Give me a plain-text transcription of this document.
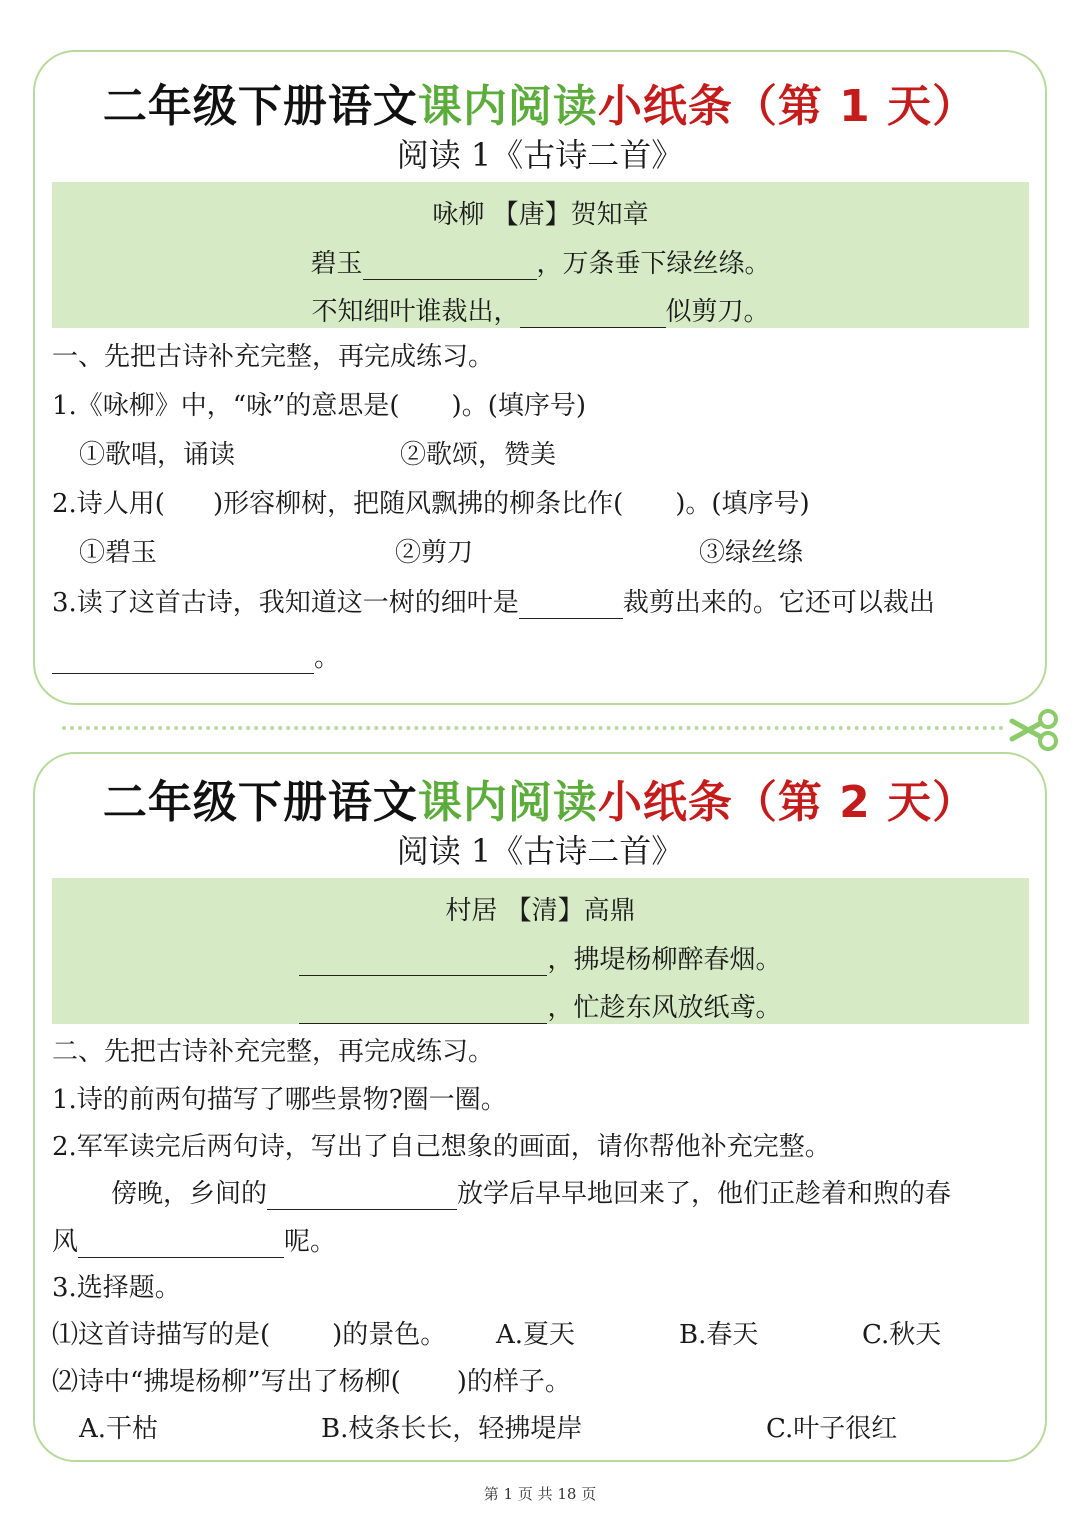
二年级下册语文课内阅读小纸条（第 1 天）
阅读 1《古诗二首》
咏柳 【唐】贺知章
碧玉	，万条垂下绿丝绦。
不知细叶谁裁出，	似剪刀。
一、先把古诗补充完整，再完成练习。
1.《咏柳》中，“咏”的意思是( )。(填序号)
①歌唱，诵读	②歌颂，赞美
2.诗人用( )形容柳树，把随风飘拂的柳条比作( )。(填序号)
①碧玉	②剪刀	③绿丝绦
3.读了这首古诗，我知道这一树的细叶是	裁剪出来的。它还可以裁出
。
二年级下册语文课内阅读小纸条（第 2 天）
阅读 1《古诗二首》
村居 【清】高鼎
，拂堤杨柳醉春烟。
，忙趁东风放纸鸢。
二、先把古诗补充完整，再完成练习。
1.诗的前两句描写了哪些景物?圈一圈。
2.军军读完后两句诗，写出了自己想象的画面，请你帮他补充完整。
傍晚，乡间的	放学后早早地回来了，他们正趁着和煦的春
风	呢。
3.选择题。
⑴这首诗描写的是( )的景色。 A.夏天	B.春天	C.秋天
⑵诗中“拂堤杨柳”写出了杨柳( )的样子。
A.干枯	B.枝条长长，轻拂堤岸	C.叶子很红
第 1 页 共 18 页
